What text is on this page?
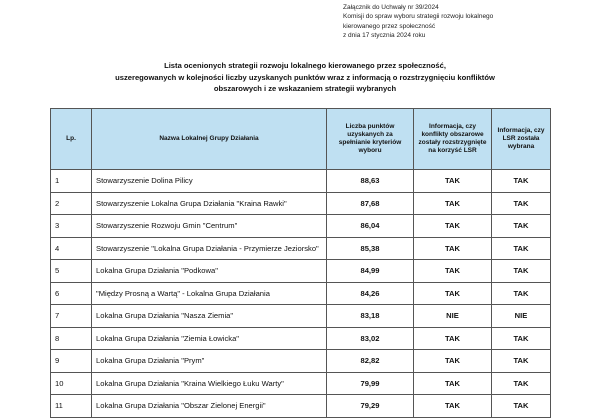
Załącznik do Uchwały nr 39/2024
Komisji do spraw wyboru strategii rozwoju lokalnego
kierowanego przez społeczność
z dnia 17 stycznia 2024 roku
Lista ocenionych strategii rozwoju lokalnego kierowanego przez społeczność,
uszeregowanych w kolejności liczby uzyskanych punktów wraz z informacją o rozstrzygnięciu konfliktów
obszarowych i ze wskazaniem strategii wybranych
Lp.	Nazwa Lokalnej Grupy Działania	Liczba punktów uzyskanych za spełnianie kryteriów wyboru	Informacja, czy konflikty obszarowe zostały rozstrzygnięte na korzyść LSR	Informacja, czy LSR została wybrana
1	Stowarzyszenie Dolina Pilicy	88,63	TAK	TAK
2	Stowarzyszenie Lokalna Grupa Działania "Kraina Rawki"	87,68	TAK	TAK
3	Stowarzyszenie Rozwoju Gmin "Centrum"	86,04	TAK	TAK
4	Stowarzyszenie "Lokalna Grupa Działania - Przymierze Jeziorsko"	85,38	TAK	TAK
5	Lokalna Grupa Działania "Podkowa"	84,99	TAK	TAK
6	"Między Prosną a Wartą" - Lokalna Grupa Działania	84,26	TAK	TAK
7	Lokalna Grupa Działania "Nasza Ziemia"	83,18	NIE	NIE
8	Lokalna Grupa Działania "Ziemia Łowicka"	83,02	TAK	TAK
9	Lokalna Grupa Działania "Prym"	82,82	TAK	TAK
10	Lokalna Grupa Działania "Kraina Wielkiego Łuku Warty"	79,99	TAK	TAK
11	Lokalna Grupa Działania "Obszar Zielonej Energii"	79,29	TAK	TAK
